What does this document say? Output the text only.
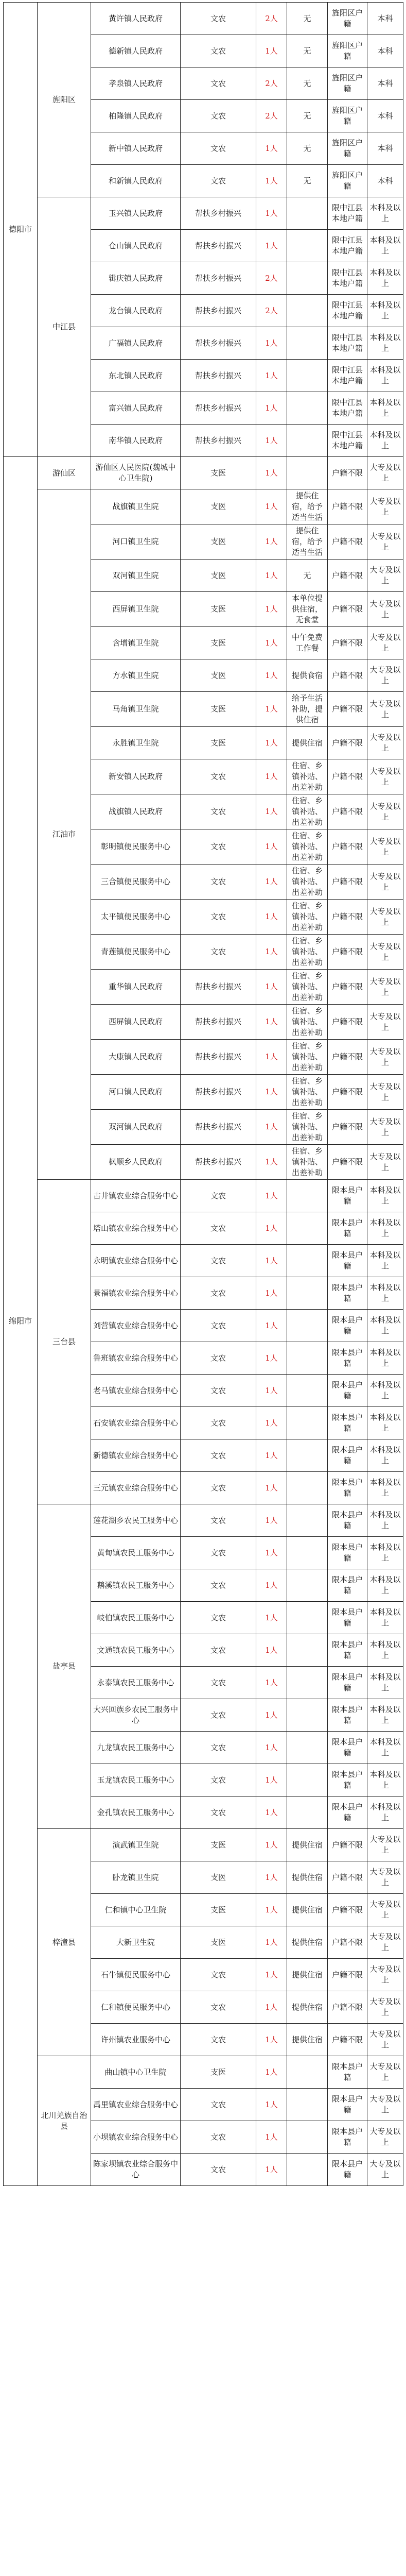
德阳市	旌阳区	黄许镇人民政府	文农	2人	无	旌阳区户籍	本科
		德新镇人民政府	文农	1人	无	旌阳区户籍	本科
		孝泉镇人民政府	文农	2人	无	旌阳区户籍	本科
		柏隆镇人民政府	文农	2人	无	旌阳区户籍	本科
		新中镇人民政府	文农	1人	无	旌阳区户籍	本科
		和新镇人民政府	文农	1人	无	旌阳区户籍	本科
	中江县	玉兴镇人民政府	帮扶乡村振兴	1人		限中江县本地户籍	本科及以上
		仓山镇人民政府	帮扶乡村振兴	1人		限中江县本地户籍	本科及以上
		辑庆镇人民政府	帮扶乡村振兴	2人		限中江县本地户籍	本科及以上
		龙台镇人民政府	帮扶乡村振兴	2人		限中江县本地户籍	本科及以上
		广福镇人民政府	帮扶乡村振兴	1人		限中江县本地户籍	本科及以上
		东北镇人民政府	帮扶乡村振兴	1人		限中江县本地户籍	本科及以上
		富兴镇人民政府	帮扶乡村振兴	1人		限中江县本地户籍	本科及以上
		南华镇人民政府	帮扶乡村振兴	1人		限中江县本地户籍	本科及以上
绵阳市	游仙区	游仙区人民医院(魏城中心卫生院)	支医	1人		户籍不限	大专及以上
	江油市	战旗镇卫生院	支医	1人	提供住宿，给予适当生活	户籍不限	大专及以上
		河口镇卫生院	支医	1人	提供住宿，给予适当生活	户籍不限	大专及以上
		双河镇卫生院	支医	1人	无	户籍不限	大专及以上
		西屏镇卫生院	支医	1人	本单位提供住宿，无食堂	户籍不限	大专及以上
		含增镇卫生院	支医	1人	中午免费工作餐	户籍不限	大专及以上
		方水镇卫生院	支医	1人	提供食宿	户籍不限	大专及以上
		马角镇卫生院	支医	1人	给予生活补助，提供住宿	户籍不限	大专及以上
		永胜镇卫生院	支医	1人	提供住宿	户籍不限	大专及以上
		新安镇人民政府	文农	1人	住宿、乡镇补贴、出差补助	户籍不限	大专及以上
		战旗镇人民政府	文农	1人	住宿、乡镇补贴、出差补助	户籍不限	大专及以上
		彰明镇便民服务中心	文农	1人	住宿、乡镇补贴、出差补助	户籍不限	大专及以上
		三合镇便民服务中心	文农	1人	住宿、乡镇补贴、出差补助	户籍不限	大专及以上
		太平镇便民服务中心	文农	1人	住宿、乡镇补贴、出差补助	户籍不限	大专及以上
		青莲镇便民服务中心	文农	1人	住宿、乡镇补贴、出差补助	户籍不限	大专及以上
		重华镇人民政府	帮扶乡村振兴	1人	住宿、乡镇补贴、出差补助	户籍不限	大专及以上
		西屏镇人民政府	帮扶乡村振兴	1人	住宿、乡镇补贴、出差补助	户籍不限	大专及以上
		大康镇人民政府	帮扶乡村振兴	1人	住宿、乡镇补贴、出差补助	户籍不限	大专及以上
		河口镇人民政府	帮扶乡村振兴	1人	住宿、乡镇补贴、出差补助	户籍不限	大专及以上
		双河镇人民政府	帮扶乡村振兴	1人	住宿、乡镇补贴、出差补助	户籍不限	大专及以上
		枫顺乡人民政府	帮扶乡村振兴	1人	住宿、乡镇补贴、出差补助	户籍不限	大专及以上
	三台县	古井镇农业综合服务中心	文农	1人		限本县户籍	本科及以上
		塔山镇农业综合服务中心	文农	1人		限本县户籍	本科及以上
		永明镇农业综合服务中心	文农	1人		限本县户籍	本科及以上
		景福镇农业综合服务中心	文农	1人		限本县户籍	本科及以上
		刘营镇农业综合服务中心	文农	1人		限本县户籍	本科及以上
		鲁班镇农业综合服务中心	文农	1人		限本县户籍	本科及以上
		老马镇农业综合服务中心	文农	1人		限本县户籍	本科及以上
		石安镇农业综合服务中心	文农	1人		限本县户籍	本科及以上
		新德镇农业综合服务中心	文农	1人		限本县户籍	本科及以上
		三元镇农业综合服务中心	文农	1人		限本县户籍	本科及以上
	盐亭县	莲花湖乡农民工服务中心	文农	1人		限本县户籍	本科及以上
		黄甸镇农民工服务中心	文农	1人		限本县户籍	本科及以上
		鹅溪镇农民工服务中心	文农	1人		限本县户籍	本科及以上
		岐伯镇农民工服务中心	文农	1人		限本县户籍	本科及以上
		文通镇农民工服务中心	文农	1人		限本县户籍	本科及以上
		永泰镇农民工服务中心	文农	1人		限本县户籍	本科及以上
		大兴回族乡农民工服务中心	文农	1人		限本县户籍	本科及以上
		九龙镇农民工服务中心	文农	1人		限本县户籍	本科及以上
		玉龙镇农民工服务中心	文农	1人		限本县户籍	本科及以上
		金孔镇农民工服务中心	文农	1人		限本县户籍	本科及以上
	梓潼县	演武镇卫生院	支医	1人	提供住宿	户籍不限	大专及以上
		卧龙镇卫生院	支医	1人	提供住宿	户籍不限	大专及以上
		仁和镇中心卫生院	支医	1人	提供住宿	户籍不限	大专及以上
		大新卫生院	支医	1人	提供住宿	户籍不限	大专及以上
		石牛镇便民服务中心	文农	1人	提供住宿	户籍不限	大专及以上
		仁和镇便民服务中心	文农	1人	提供住宿	户籍不限	大专及以上
		许州镇农业服务中心	文农	1人	提供住宿	户籍不限	大专及以上
	北川羌族自治县	曲山镇中心卫生院	支医	1人		限本县户籍	大专及以上
		禹里镇农业综合服务中心	文农	1人		限本县户籍	大专及以上
		小坝镇农业综合服务中心	文农	1人		限本县户籍	大专及以上
		陈家坝镇农业综合服务中心	文农	1人		限本县户籍	大专及以上
